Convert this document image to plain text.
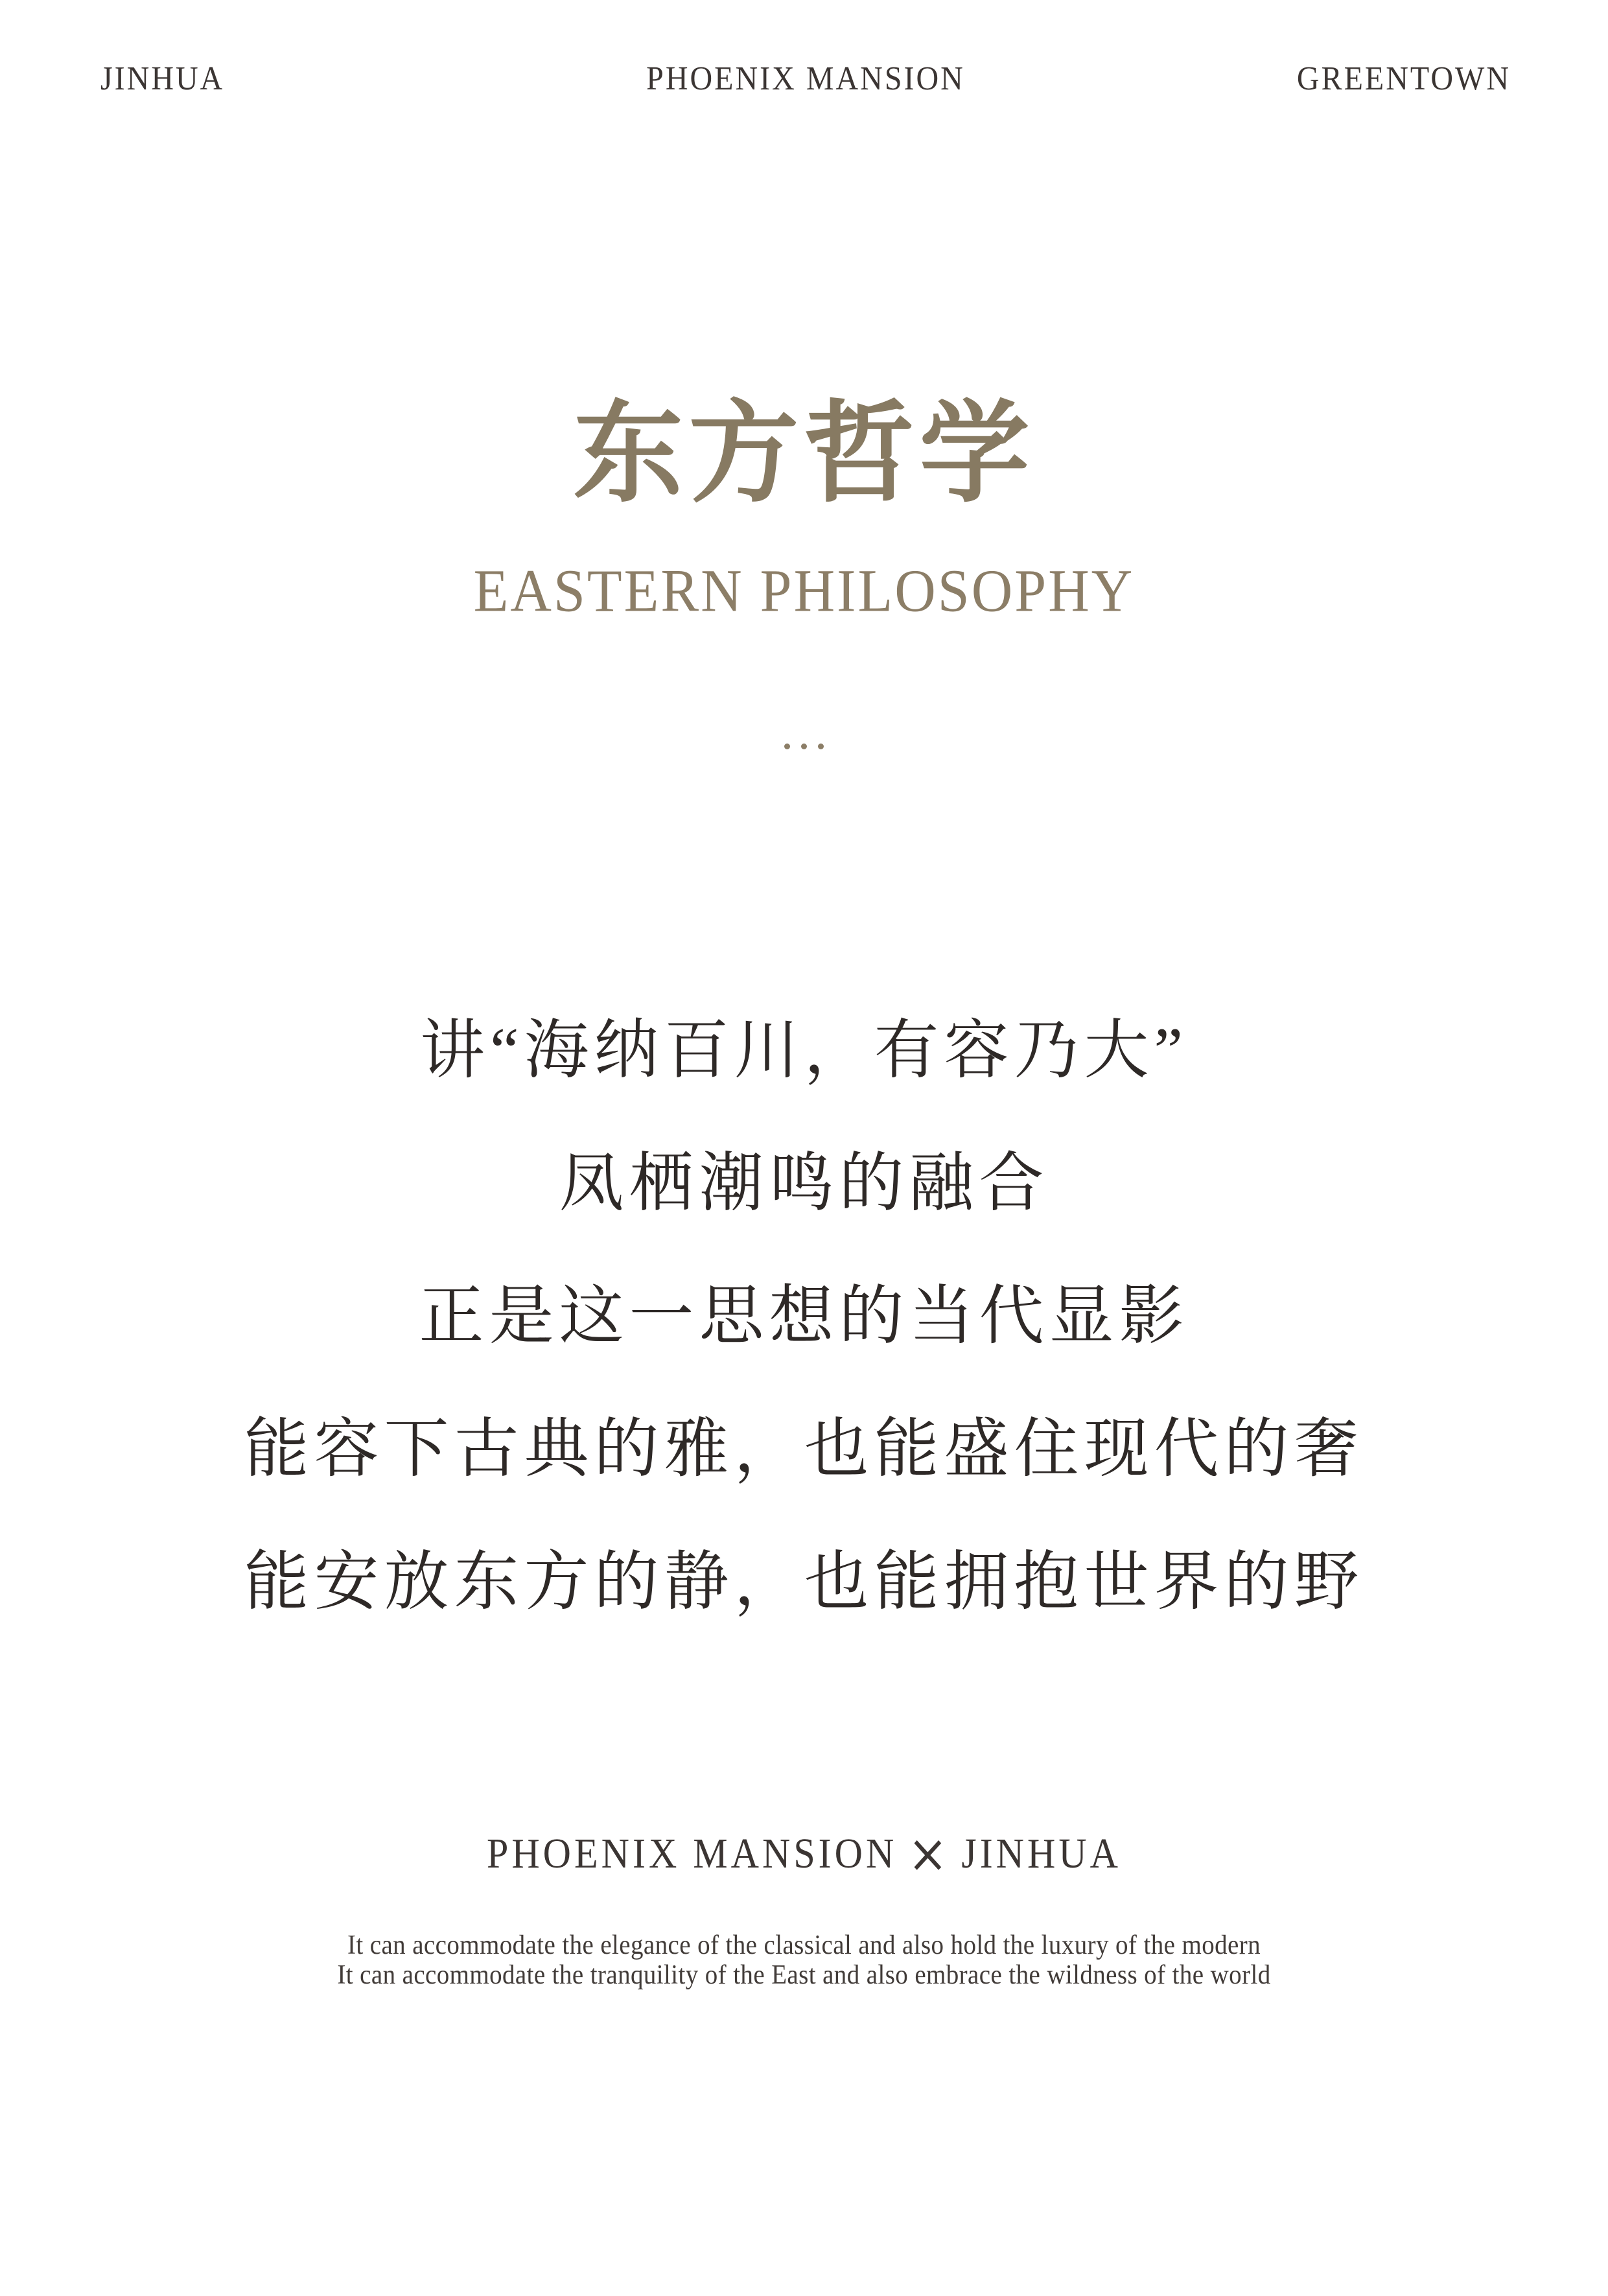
JINHUA	PHOENIX MANSION	GREENTOWN
东方哲学
EASTERN PHILOSOPHY
讲“海纳百川，有容乃大”
凤栖潮鸣的融合
正是这一思想的当代显影
能容下古典的雅，也能盛住现代的奢
能安放东方的静，也能拥抱世界的野
PHOENIX MANSION × JINHUA
It can accommodate the elegance of the classical and also hold the luxury of the modern
It can accommodate the tranquility of the East and also embrace the wildness of the world
